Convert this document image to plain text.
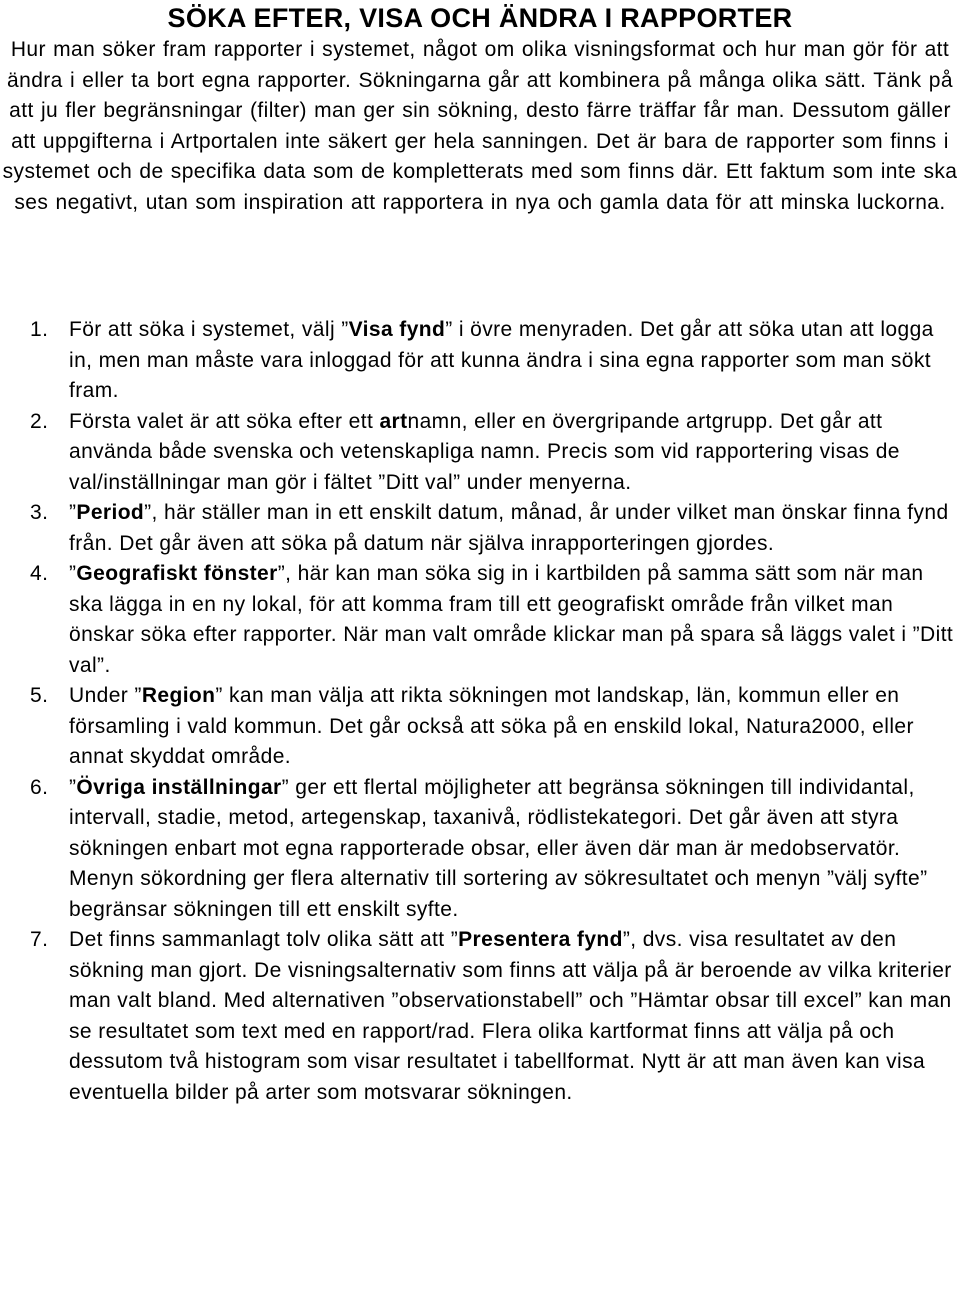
SÖKA EFTER, VISA OCH ÄNDRA I RAPPORTER

Hur man söker fram rapporter i systemet, något om olika visningsformat och hur man gör för att ändra i eller ta bort egna rapporter. Sökningarna går att kombinera på många olika sätt. Tänk på att ju fler begränsningar (filter) man ger sin sökning, desto färre träffar får man. Dessutom gäller att uppgifterna i Artportalen inte säkert ger hela sanningen. Det är bara de rapporter som finns i systemet och de specifika data som de kompletterats med som finns där. Ett faktum som inte ska ses negativt, utan som inspiration att rapportera in nya och gamla data för att minska luckorna.

1. För att söka i systemet, välj ”Visa fynd” i övre menyraden. Det går att söka utan att logga in, men man måste vara inloggad för att kunna ändra i sina egna rapporter som man sökt fram.
2. Första valet är att söka efter ett artnamn, eller en övergripande artgrupp. Det går att använda både svenska och vetenskapliga namn. Precis som vid rapportering visas de val/inställningar man gör i fältet ”Ditt val” under menyerna.
3. ”Period”, här ställer man in ett enskilt datum, månad, år under vilket man önskar finna fynd från. Det går även att söka på datum när själva inrapporteringen gjordes.
4. ”Geografiskt fönster”, här kan man söka sig in i kartbilden på samma sätt som när man ska lägga in en ny lokal, för att komma fram till ett geografiskt område från vilket man önskar söka efter rapporter. När man valt område klickar man på spara så läggs valet i ”Ditt val”.
5. Under ”Region” kan man välja att rikta sökningen mot landskap, län, kommun eller en församling i vald kommun. Det går också att söka på en enskild lokal, Natura2000, eller annat skyddat område.
6. ”Övriga inställningar” ger ett flertal möjligheter att begränsa sökningen till individantal, intervall, stadie, metod, artegenskap, taxanivå, rödlistekategori. Det går även att styra sökningen enbart mot egna rapporterade obsar, eller även där man är medobservatör. Menyn sökordning ger flera alternativ till sortering av sökresultatet och menyn ”välj syfte” begränsar sökningen till ett enskilt syfte.
7. Det finns sammanlagt tolv olika sätt att ”Presentera fynd”, dvs. visa resultatet av den sökning man gjort. De visningsalternativ som finns att välja på är beroende av vilka kriterier man valt bland. Med alternativen ”observationstabell” och ”Hämtar obsar till excel” kan man se resultatet som text med en rapport/rad. Flera olika kartformat finns att välja på och dessutom två histogram som visar resultatet i tabellformat. Nytt är att man även kan visa eventuella bilder på arter som motsvarar sökningen.
